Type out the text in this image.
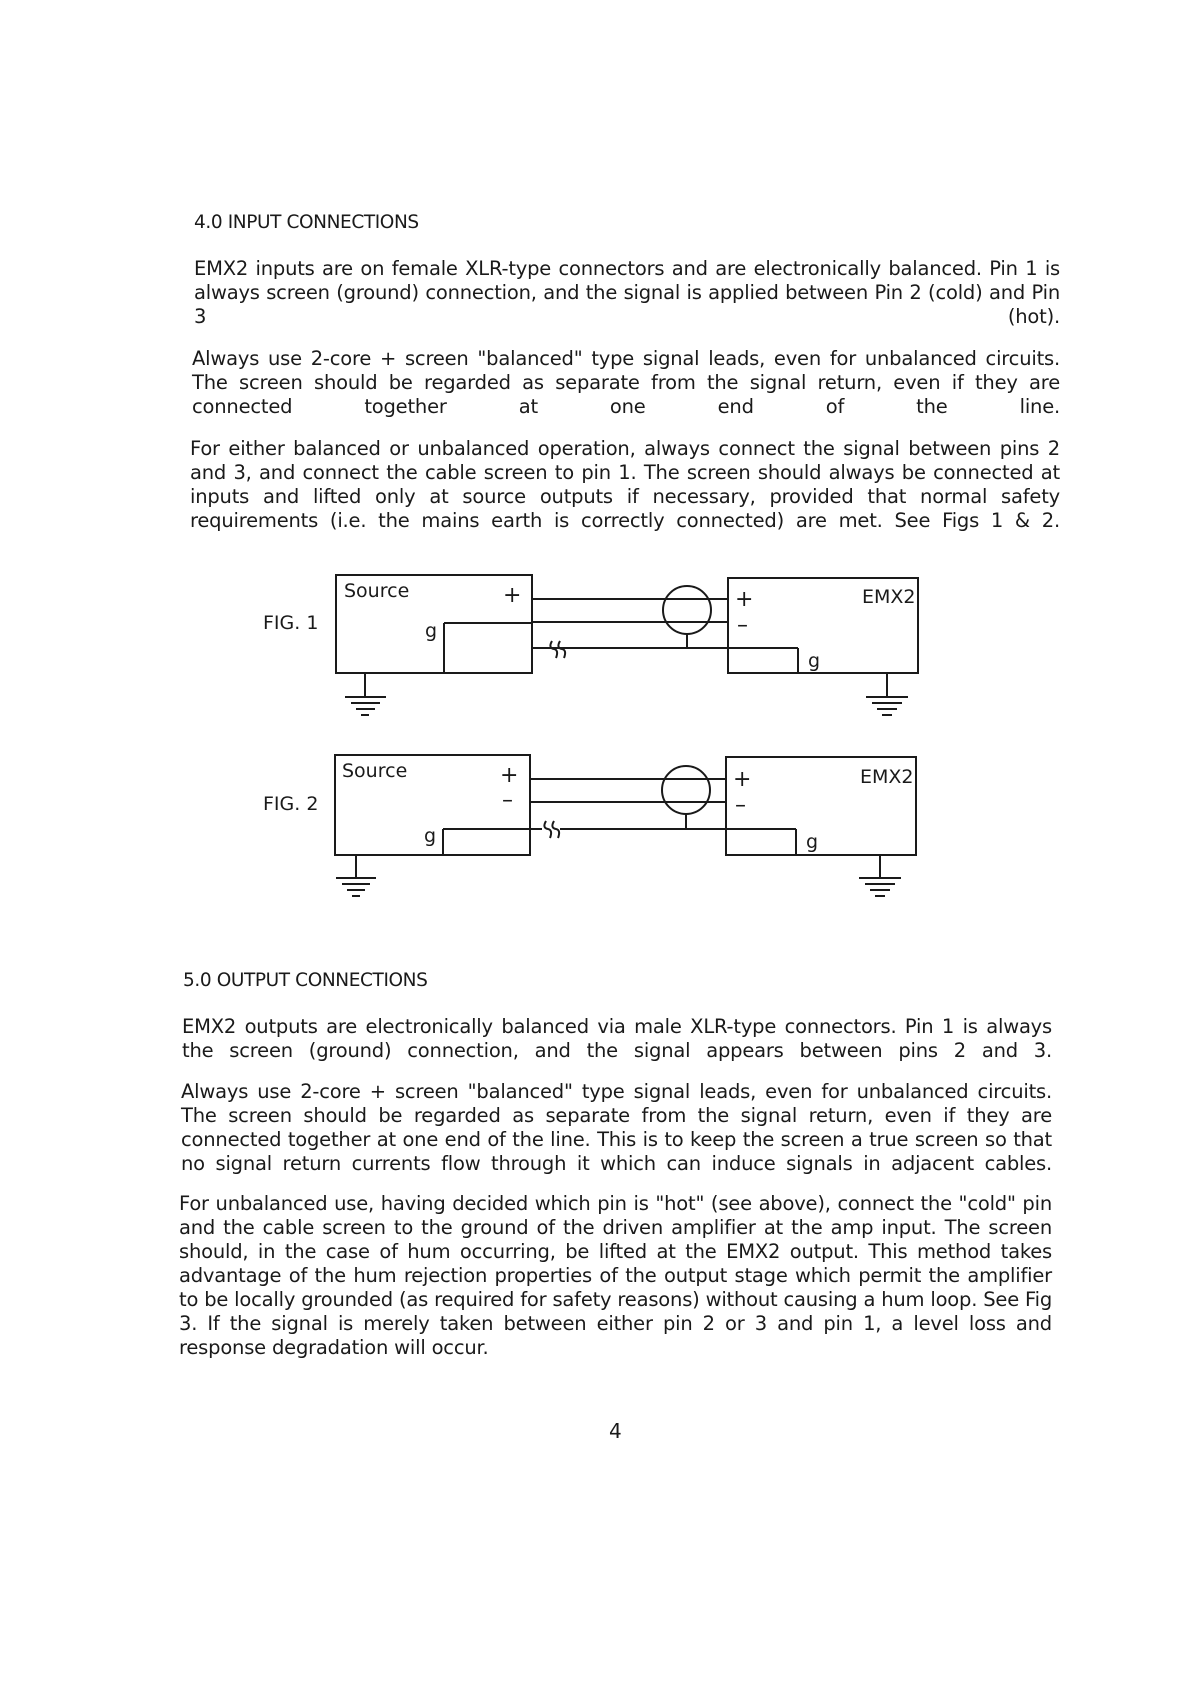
4.0 INPUT CONNECTIONS

EMX2 inputs are on female XLR-type connectors and are electronically balanced. Pin 1 is always screen (ground) connection, and the signal is applied between Pin 2 (cold) and Pin 3 (hot).

Always use 2-core + screen "balanced" type signal leads, even for unbalanced circuits. The screen should be regarded as separate from the signal return, even if they are connected together at one end of the line.

For either balanced or unbalanced operation, always connect the signal between pins 2 and 3, and connect the cable screen to pin 1. The screen should always be connected at inputs and lifted only at source outputs if necessary, provided that normal safety requirements (i.e. the mains earth is correctly connected) are met. See Figs 1 & 2.

FIG. 1
Source	+
g
+
–
g
EMX2
FIG. 2
Source	+
–
g
+
–
g
EMX2
5.0 OUTPUT CONNECTIONS

EMX2 outputs are electronically balanced via male XLR-type connectors. Pin 1 is always the screen (ground) connection, and the signal appears between pins 2 and 3.

Always use 2-core + screen "balanced" type signal leads, even for unbalanced circuits. The screen should be regarded as separate from the signal return, even if they are connected together at one end of the line. This is to keep the screen a true screen so that no signal return currents flow through it which can induce signals in adjacent cables.

For unbalanced use, having decided which pin is "hot" (see above), connect the "cold" pin and the cable screen to the ground of the driven amplifier at the amp input. The screen should, in the case of hum occurring, be lifted at the EMX2 output. This method takes advantage of the hum rejection properties of the output stage which permit the amplifier to be locally grounded (as required for safety reasons) without causing a hum loop. See Fig 3. If the signal is merely taken between either pin 2 or 3 and pin 1, a level loss and response degradation will occur.

4
